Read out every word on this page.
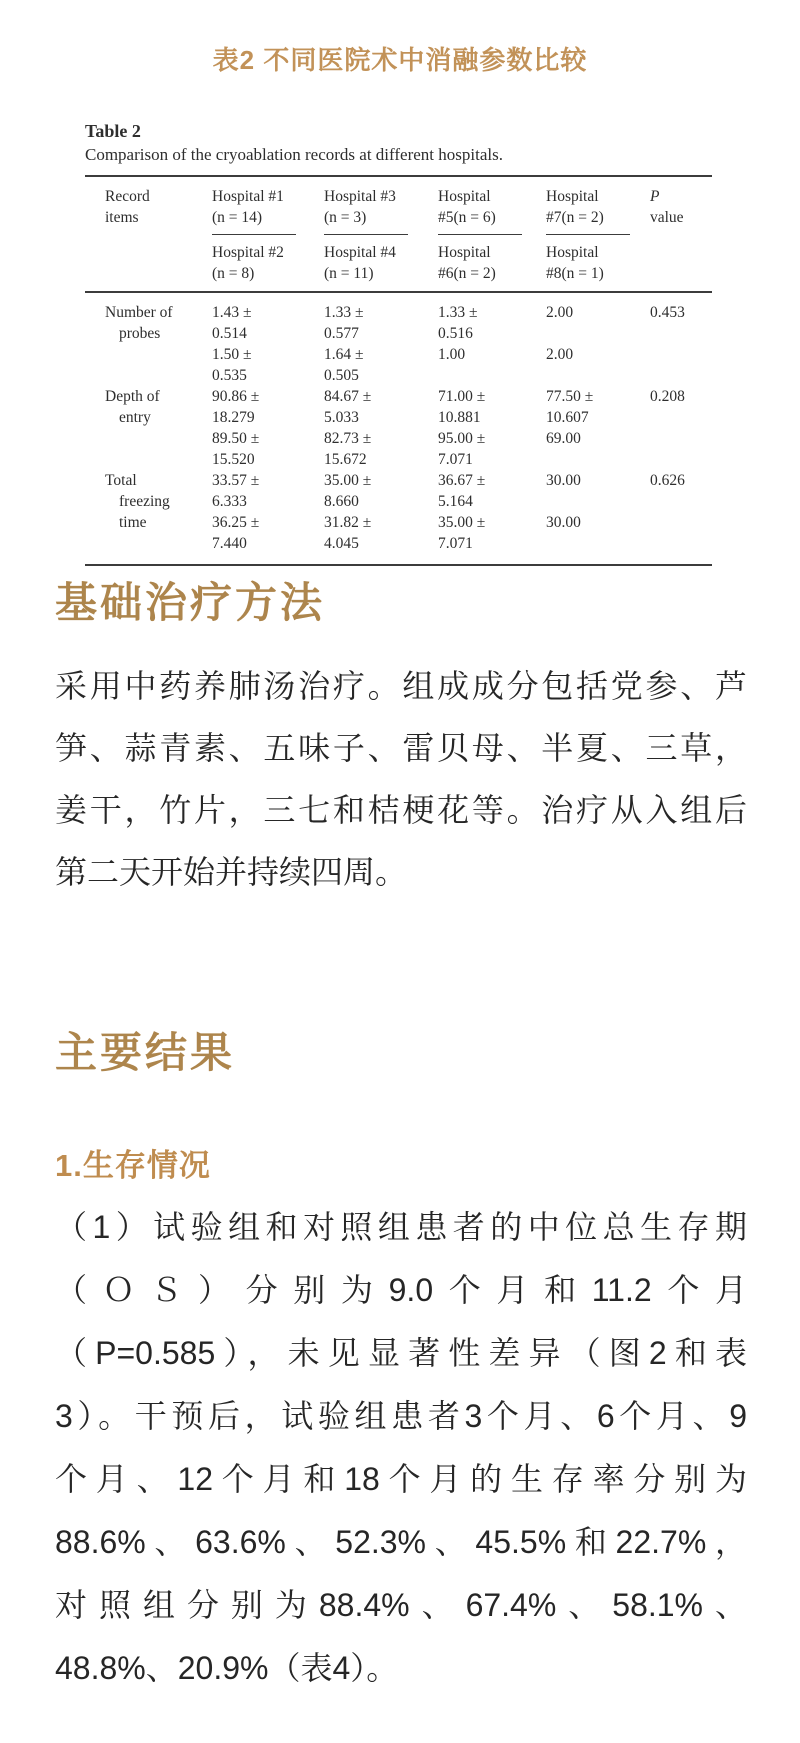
表2 不同医院术中消融参数比较
Table 2
Comparison of the cryoablation records at different hospitals.
Record
items
Hospital #1
(n = 14)
Hospital #2
(n = 8)
Hospital #3
(n = 3)
Hospital #4
(n = 11)
Hospital
#5(n = 6)
Hospital
#6(n = 2)
Hospital
#7(n = 2)
Hospital
#8(n = 1)
P
value
Number of
probes
1.43 ±
0.514
1.50 ±
0.535
1.33 ±
0.577
1.64 ±
0.505
1.33 ±
0.516
1.00
2.00
2.00
0.453
Depth of
entry
90.86 ±
18.279
89.50 ±
15.520
84.67 ±
5.033
82.73 ±
15.672
71.00 ±
10.881
95.00 ±
7.071
77.50 ±
10.607
69.00
0.208
Total
freezing
time
33.57 ±
6.333
36.25 ±
7.440
35.00 ±
8.660
31.82 ±
4.045
36.67 ±
5.164
35.00 ±
7.071
30.00
30.00
0.626
基础治疗方法
采用中药养肺汤治疗。组成成分包括党参、芦
笋、蒜青素、五味子、雷贝母、半夏、三草，
姜干，竹片，三七和桔梗花等。治疗从入组后
第二天开始并持续四周。
主要结果
1.生存情况
（1）试验组和对照组患者的中位总生存期
（ＯＳ）分别为9.0个月和11.2个月
（P=0.585），未见显著性差异（图2和表
3）。干预后，试验组患者3个月、6个月、9
个月、12个月和18个月的生存率分别为
88.6%、63.6%、52.3%、45.5%和22.7%，
对照组分别为88.4%、67.4%、58.1%、
48.8%、20.9%（表4）。
